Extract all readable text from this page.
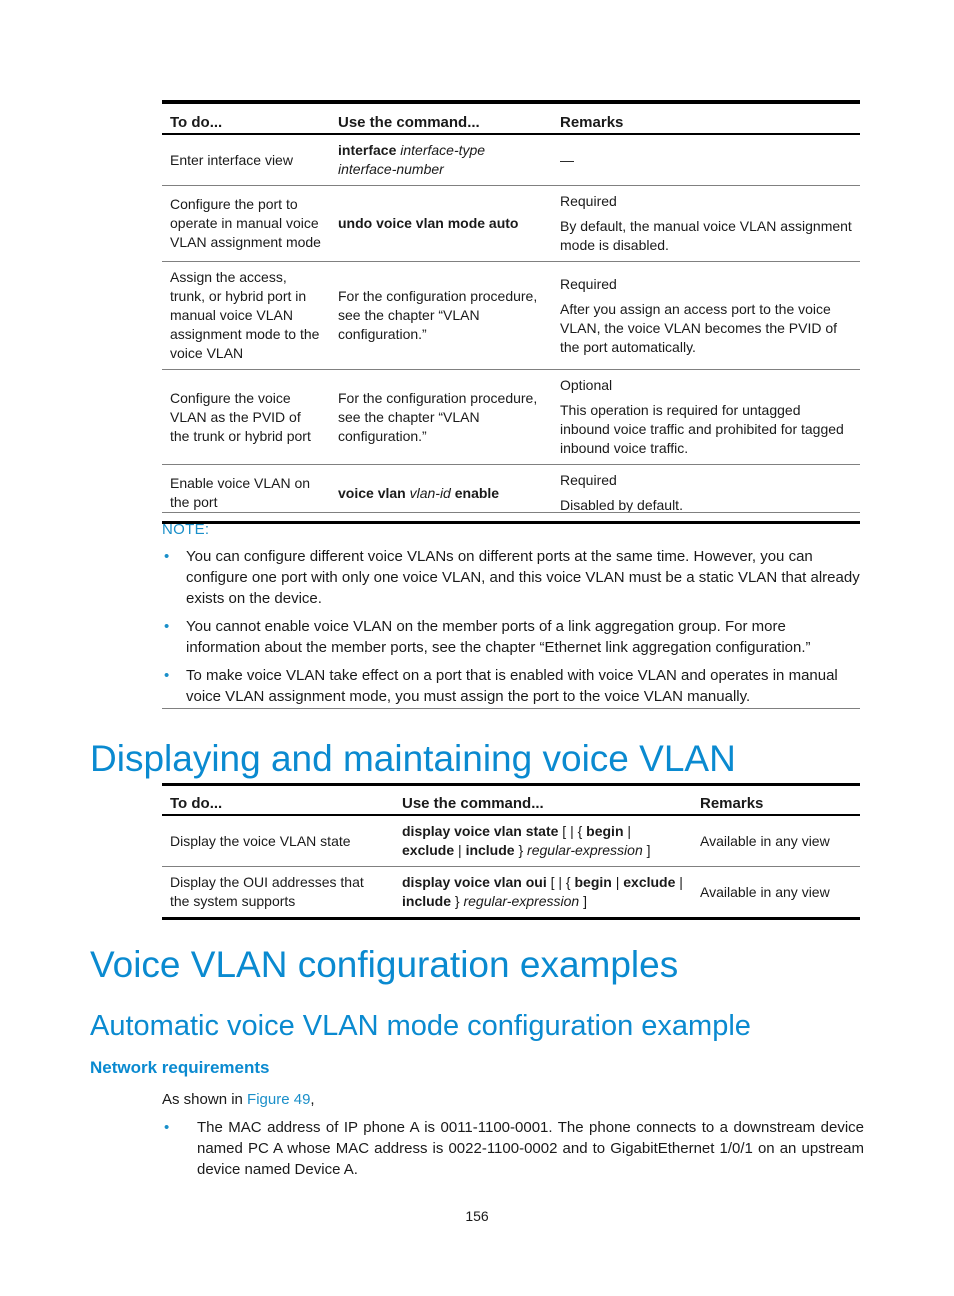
To do...	Use the command...	Remarks
Enter interface view	interface interface-type interface-number	—

Configure the port to operate in manual voice VLAN assignment mode	undo voice vlan mode auto	Required

By default, the manual voice VLAN assignment mode is disabled.

Assign the access, trunk, or hybrid port in manual voice VLAN assignment mode to the voice VLAN	For the configuration procedure, see the chapter “VLAN configuration.”	Required

After you assign an access port to the voice VLAN, the voice VLAN becomes the PVID of the port automatically.

Configure the voice VLAN as the PVID of the trunk or hybrid port	For the configuration procedure, see the chapter “VLAN configuration.”	Optional

This operation is required for untagged inbound voice traffic and prohibited for tagged inbound voice traffic.

Enable voice VLAN on the port	voice vlan vlan-id enable	Required

Disabled by default.

NOTE:
• You can configure different voice VLANs on different ports at the same time. However, you can configure one port with only one voice VLAN, and this voice VLAN must be a static VLAN that already exists on the device.
• You cannot enable voice VLAN on the member ports of a link aggregation group. For more information about the member ports, see the chapter “Ethernet link aggregation configuration.”
• To make voice VLAN take effect on a port that is enabled with voice VLAN and operates in manual voice VLAN assignment mode, you must assign the port to the voice VLAN manually.
Displaying and maintaining voice VLAN
To do...	Use the command...	Remarks
Display the voice VLAN state	display voice vlan state [ | { begin | exclude | include } regular-expression ]	Available in any view
Display the OUI addresses that the system supports	display voice vlan oui [ | { begin | exclude | include } regular-expression ]	Available in any view
Voice VLAN configuration examples
Automatic voice VLAN mode configuration example
Network requirements
As shown in Figure 49,
• The MAC address of IP phone A is 0011-1100-0001. The phone connects to a downstream device named PC A whose MAC address is 0022-1100-0002 and to GigabitEthernet 1/0/1 on an upstream device named Device A.
156
